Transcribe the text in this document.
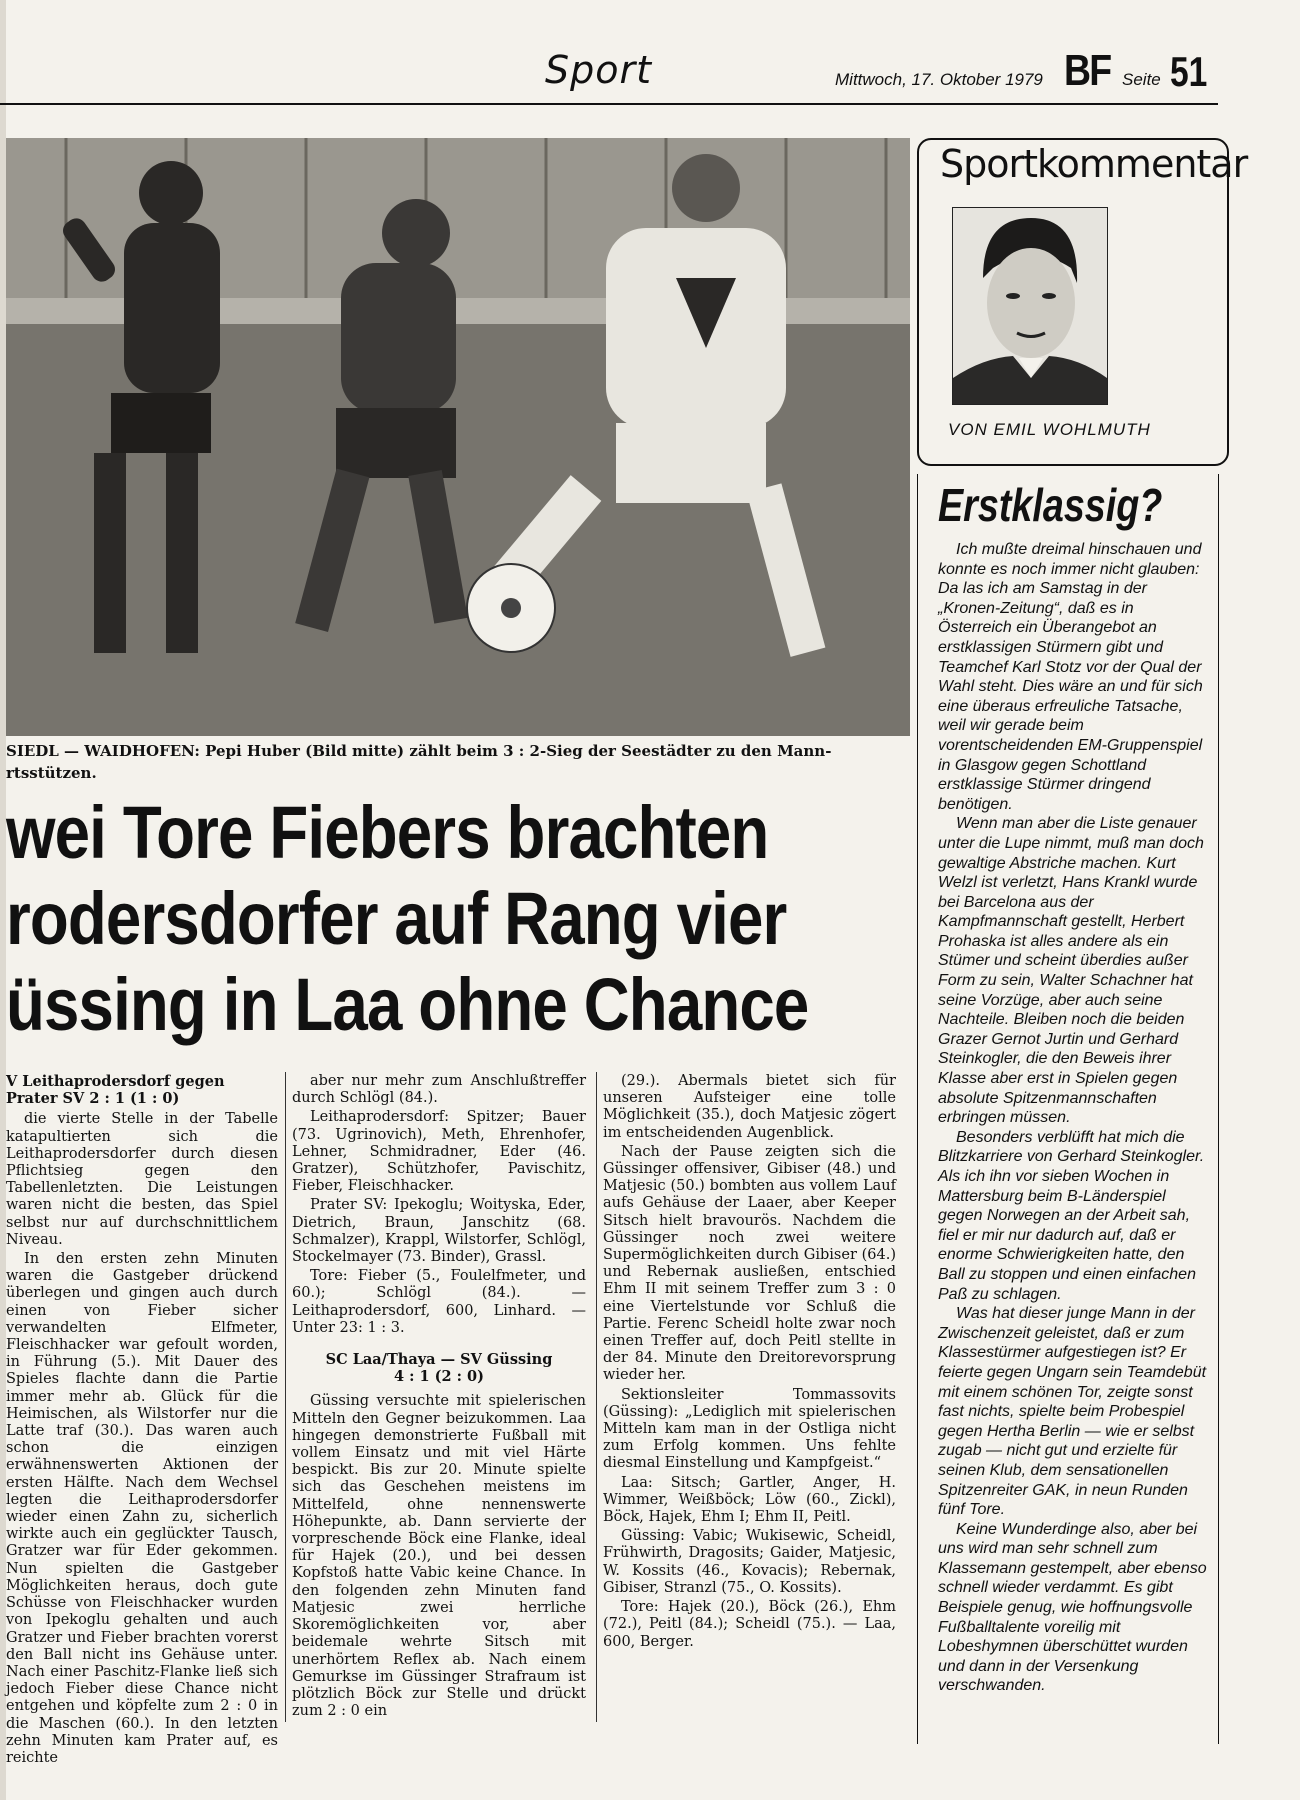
Sport	Mittwoch, 17. Oktober 1979 BF Seite 51
SIEDL — WAIDHOFEN: Pepi Huber (Bild mitte) zählt beim 3 : 2-Sieg der Seestädter zu den Mann-
rtsstützen.
wei Tore Fiebers brachten
rodersdorfer auf Rang vier
üssing in Laa ohne Chance

V Leithaprodersdorf gegen
Prater SV 2 : 1 (1 : 0)

die vierte Stelle in der Tabelle katapultierten sich die Leithaprodersdorfer durch diesen Pflichtsieg gegen den Tabellenletzten. Die Leistungen waren nicht die besten, das Spiel selbst nur auf durchschnittlichem Niveau.

In den ersten zehn Minuten waren die Gastgeber drückend überlegen und gingen auch durch einen von Fieber sicher verwandelten Elfmeter, Fleischhacker war gefoult worden, in Führung (5.). Mit Dauer des Spieles flachte dann die Partie immer mehr ab. Glück für die Heimischen, als Wilstorfer nur die Latte traf (30.). Das waren auch schon die einzigen erwähnenswerten Aktionen der ersten Hälfte. Nach dem Wechsel legten die Leithaprodersdorfer wieder einen Zahn zu, sicherlich wirkte auch ein geglückter Tausch, Gratzer war für Eder gekommen. Nun spielten die Gastgeber Möglichkeiten heraus, doch gute Schüsse von Fleischhacker wurden von Ipekoglu gehalten und auch Gratzer und Fieber brachten vorerst den Ball nicht ins Gehäuse unter. Nach einer Paschitz-Flanke ließ sich jedoch Fieber diese Chance nicht entgehen und köpfelte zum 2 : 0 in die Maschen (60.). In den letzten zehn Minuten kam Prater auf, es reichte

aber nur mehr zum Anschlußtreffer durch Schlögl (84.).

Leithaprodersdorf: Spitzer; Bauer (73. Ugrinovich), Meth, Ehrenhofer, Lehner, Schmidradner, Eder (46. Gratzer), Schützhofer, Pavischitz, Fieber, Fleischhacker.

Prater SV: Ipekoglu; Woityska, Eder, Dietrich, Braun, Janschitz (68. Schmalzer), Krappl, Wilstorfer, Schlögl, Stockelmayer (73. Binder), Grassl.

Tore: Fieber (5., Foulelfmeter, und 60.); Schlögl (84.). — Leithaprodersdorf, 600, Linhard. — Unter 23: 1 : 3.

SC Laa/Thaya — SV Güssing
4 : 1 (2 : 0)

Güssing versuchte mit spielerischen Mitteln den Gegner beizukommen. Laa hingegen demonstrierte Fußball mit vollem Einsatz und mit viel Härte bespickt. Bis zur 20. Minute spielte sich das Geschehen meistens im Mittelfeld, ohne nennenswerte Höhepunkte, ab. Dann servierte der vorpreschende Böck eine Flanke, ideal für Hajek (20.), und bei dessen Kopfstoß hatte Vabic keine Chance. In den folgenden zehn Minuten fand Matjesic zwei herrliche Skoremöglichkeiten vor, aber beidemale wehrte Sitsch mit unerhörtem Reflex ab. Nach einem Gemurkse im Güssinger Strafraum ist plötzlich Böck zur Stelle und drückt zum 2 : 0 ein

(29.). Abermals bietet sich für unseren Aufsteiger eine tolle Möglichkeit (35.), doch Matjesic zögert im entscheidenden Augenblick.

Nach der Pause zeigten sich die Güssinger offensiver, Gibiser (48.) und Matjesic (50.) bombten aus vollem Lauf aufs Gehäuse der Laaer, aber Keeper Sitsch hielt bravourös. Nachdem die Güssinger noch zwei weitere Supermöglichkeiten durch Gibiser (64.) und Rebernak ausließen, entschied Ehm II mit seinem Treffer zum 3 : 0 eine Viertelstunde vor Schluß die Partie. Ferenc Scheidl holte zwar noch einen Treffer auf, doch Peitl stellte in der 84. Minute den Dreitorevorsprung wieder her.

Sektionsleiter Tommassovits (Güssing): „Lediglich mit spielerischen Mitteln kam man in der Ostliga nicht zum Erfolg kommen. Uns fehlte diesmal Einstellung und Kampfgeist.“

Laa: Sitsch; Gartler, Anger, H. Wimmer, Weißböck; Löw (60., Zickl), Böck, Hajek, Ehm I; Ehm II, Peitl.

Güssing: Vabic; Wukisewic, Scheidl, Frühwirth, Dragosits; Gaider, Matjesic, W. Kossits (46., Kovacis); Rebernak, Gibiser, Stranzl (75., O. Kossits).

Tore: Hajek (20.), Böck (26.), Ehm (72.), Peitl (84.); Scheidl (75.). — Laa, 600, Berger.

Sportkommentar
VON EMIL WOHLMUTH
Erstklassig?

Ich mußte dreimal hinschauen und konnte es noch immer nicht glauben: Da las ich am Samstag in der „Kronen-Zeitung“, daß es in Österreich ein Überangebot an erstklassigen Stürmern gibt und Teamchef Karl Stotz vor der Qual der Wahl steht. Dies wäre an und für sich eine überaus erfreuliche Tatsache, weil wir gerade beim vorentscheidenden EM-Gruppenspiel in Glasgow gegen Schottland erstklassige Stürmer dringend benötigen.

Wenn man aber die Liste genauer unter die Lupe nimmt, muß man doch gewaltige Abstriche machen. Kurt Welzl ist verletzt, Hans Krankl wurde bei Barcelona aus der Kampfmannschaft gestellt, Herbert Prohaska ist alles andere als ein Stümer und scheint überdies außer Form zu sein, Walter Schachner hat seine Vorzüge, aber auch seine Nachteile. Bleiben noch die beiden Grazer Gernot Jurtin und Gerhard Steinkogler, die den Beweis ihrer Klasse aber erst in Spielen gegen absolute Spitzenmannschaften erbringen müssen.

Besonders verblüfft hat mich die Blitzkarriere von Gerhard Steinkogler. Als ich ihn vor sieben Wochen in Mattersburg beim B-Länderspiel gegen Norwegen an der Arbeit sah, fiel er mir nur dadurch auf, daß er enorme Schwierigkeiten hatte, den Ball zu stoppen und einen einfachen Paß zu schlagen.

Was hat dieser junge Mann in der Zwischenzeit geleistet, daß er zum Klassestürmer aufgestiegen ist? Er feierte gegen Ungarn sein Teamdebüt mit einem schönen Tor, zeigte sonst fast nichts, spielte beim Probespiel gegen Hertha Berlin — wie er selbst zugab — nicht gut und erzielte für seinen Klub, dem sensationellen Spitzenreiter GAK, in neun Runden fünf Tore.

Keine Wunderdinge also, aber bei uns wird man sehr schnell zum Klassemann gestempelt, aber ebenso schnell wieder verdammt. Es gibt Beispiele genug, wie hoffnungsvolle Fußballtalente voreilig mit Lobeshymnen überschüttet wurden und dann in der Versenkung verschwanden.
